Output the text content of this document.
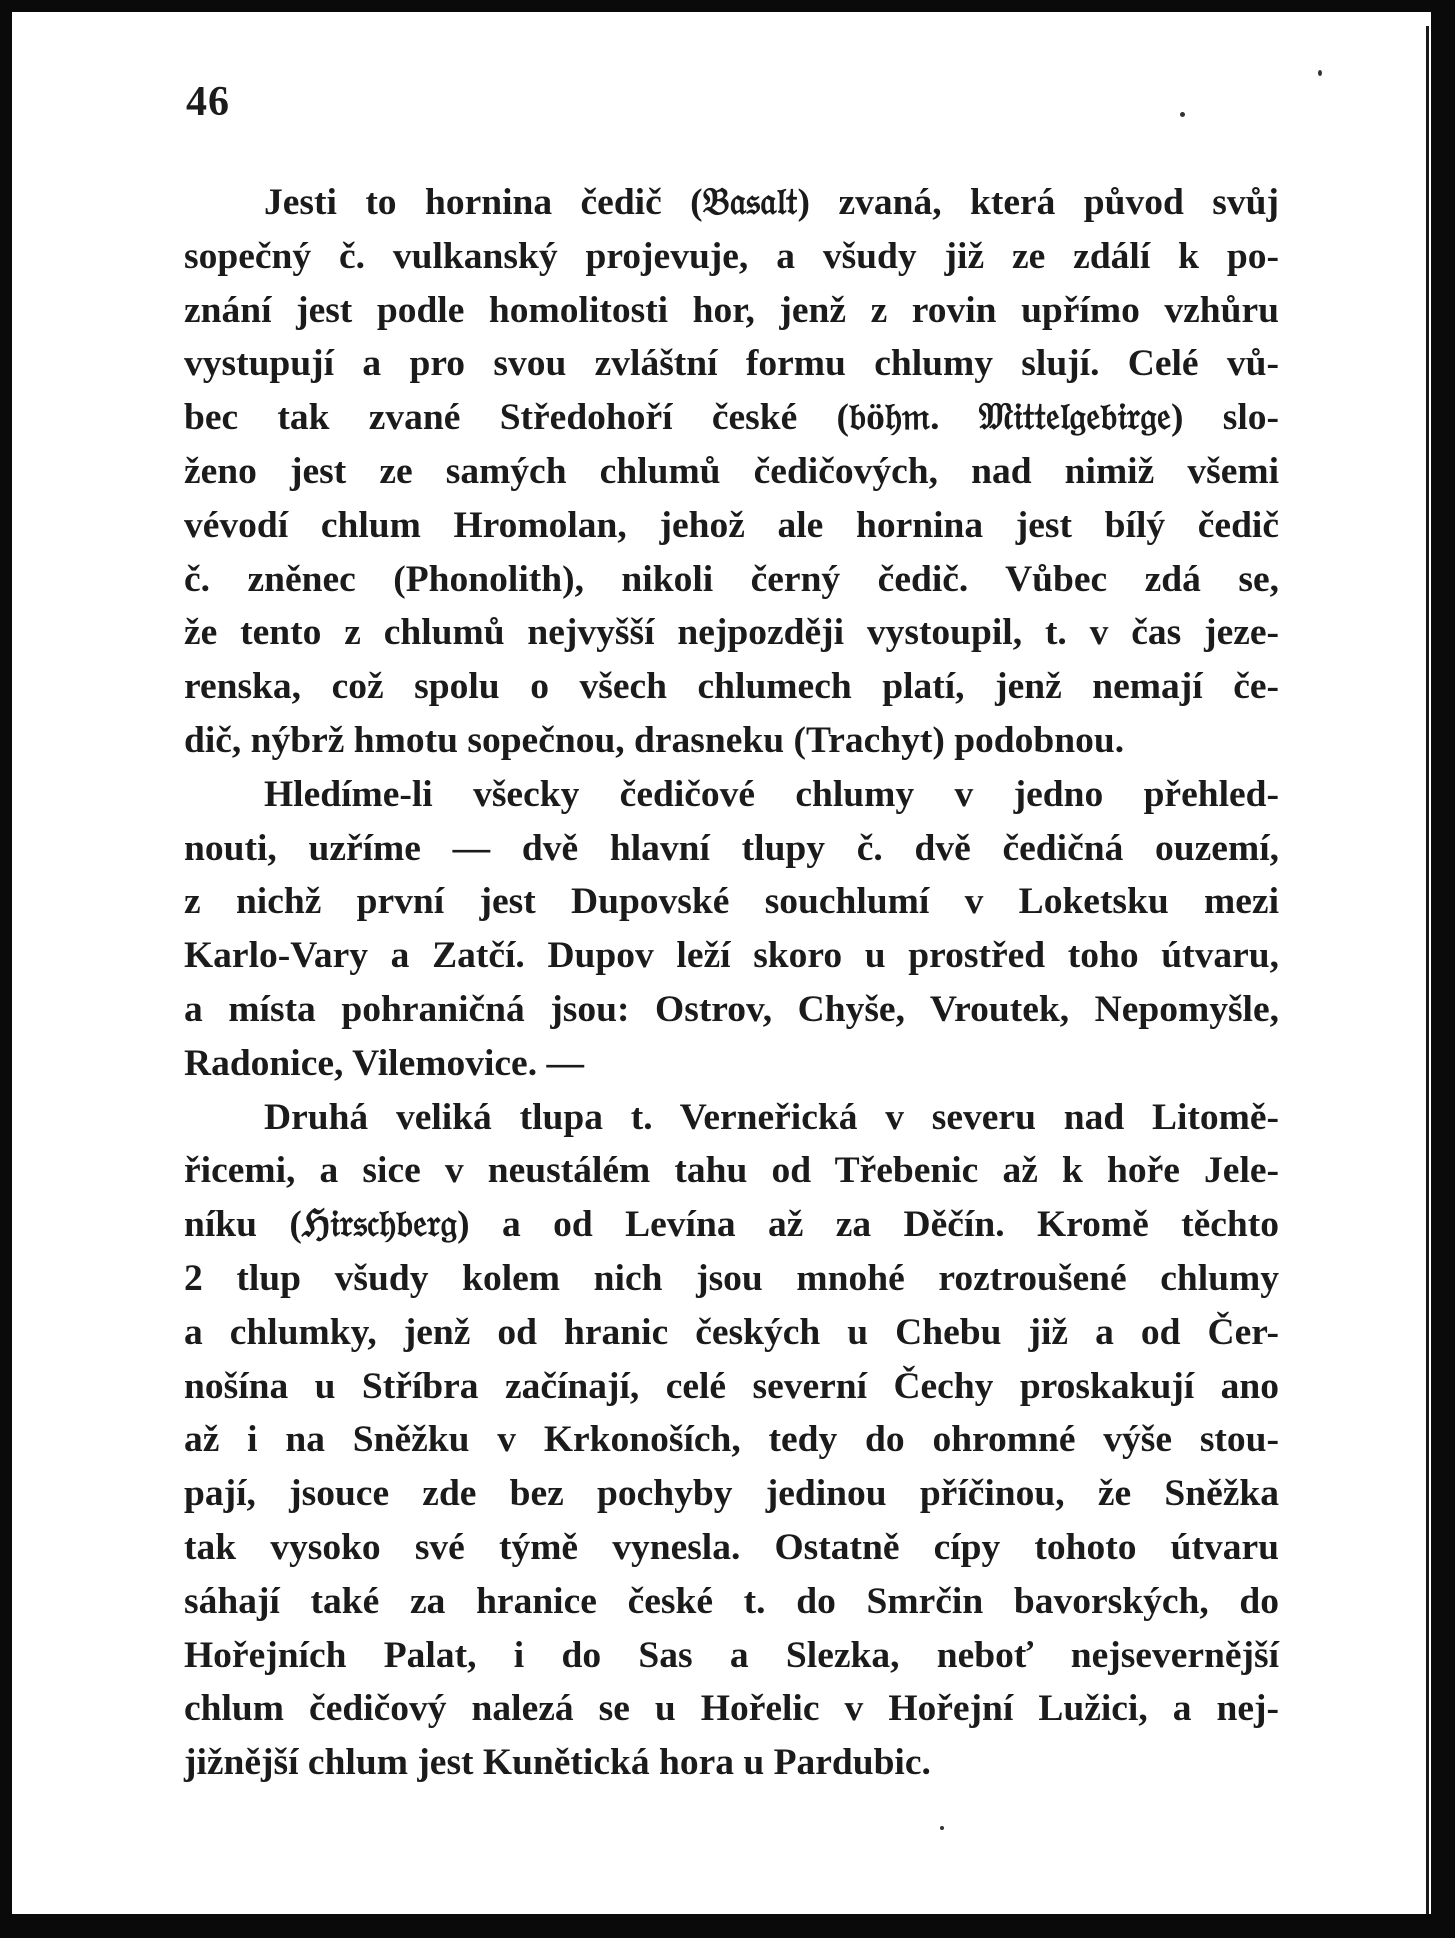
46
Jesti to hornina čedič (𝔅𝔞𝔰𝔞𝔩𝔱) zvaná, která původ svůj
sopečný č. vulkanský projevuje, a všudy již ze zdálí k po-
znání jest podle homolitosti hor, jenž z rovin upřímo vzhůru
vystupují a pro svou zvláštní formu chlumy slují. Celé vů-
bec tak zvané Středohoří české (𝔟ö𝔥𝔪. 𝔐𝔦𝔱𝔱𝔢𝔩𝔤𝔢𝔟𝔦𝔯𝔤𝔢) slo-
ženo jest ze samých chlumů čedičových, nad nimiž všemi
vévodí chlum Hromolan, jehož ale hornina jest bílý čedič
č. zněnec (Phonolith), nikoli černý čedič. Vůbec zdá se,
že tento z chlumů nejvyšší nejpozději vystoupil, t. v čas jeze-
renska, což spolu o všech chlumech platí, jenž nemají če-
dič, nýbrž hmotu sopečnou, drasneku (Trachyt) podobnou.
Hledíme-li všecky čedičové chlumy v jedno přehled-
nouti, uzříme — dvě hlavní tlupy č. dvě čedičná ouzemí,
z nichž první jest Dupovské souchlumí v Loketsku mezi
Karlo-Vary a Zatčí. Dupov leží skoro u prostřed toho útvaru,
a místa pohraničná jsou: Ostrov, Chyše, Vroutek, Nepomyšle,
Radonice, Vilemovice. —
Druhá veliká tlupa t. Verneřická v severu nad Litomě-
řicemi, a sice v neustálém tahu od Třebenic až k hoře Jele-
níku (ℌ𝔦𝔯𝔰𝔠𝔥𝔟𝔢𝔯𝔤) a od Levína až za Děčín. Kromě těchto
2 tlup všudy kolem nich jsou mnohé roztroušené chlumy
a chlumky, jenž od hranic českých u Chebu již a od Čer-
nošína u Stříbra začínají, celé severní Čechy proskakují ano
až i na Sněžku v Krkonoších, tedy do ohromné výše stou-
pají, jsouce zde bez pochyby jedinou příčinou, že Sněžka
tak vysoko své týmě vynesla. Ostatně cípy tohoto útvaru
sáhají také za hranice české t. do Smrčin bavorských, do
Hořejních Palat, i do Sas a Slezka, neboť nejsevernější
chlum čedičový nalezá se u Hořelic v Hořejní Lužici, a nej-
jižnější chlum jest Kunětická hora u Pardubic.
